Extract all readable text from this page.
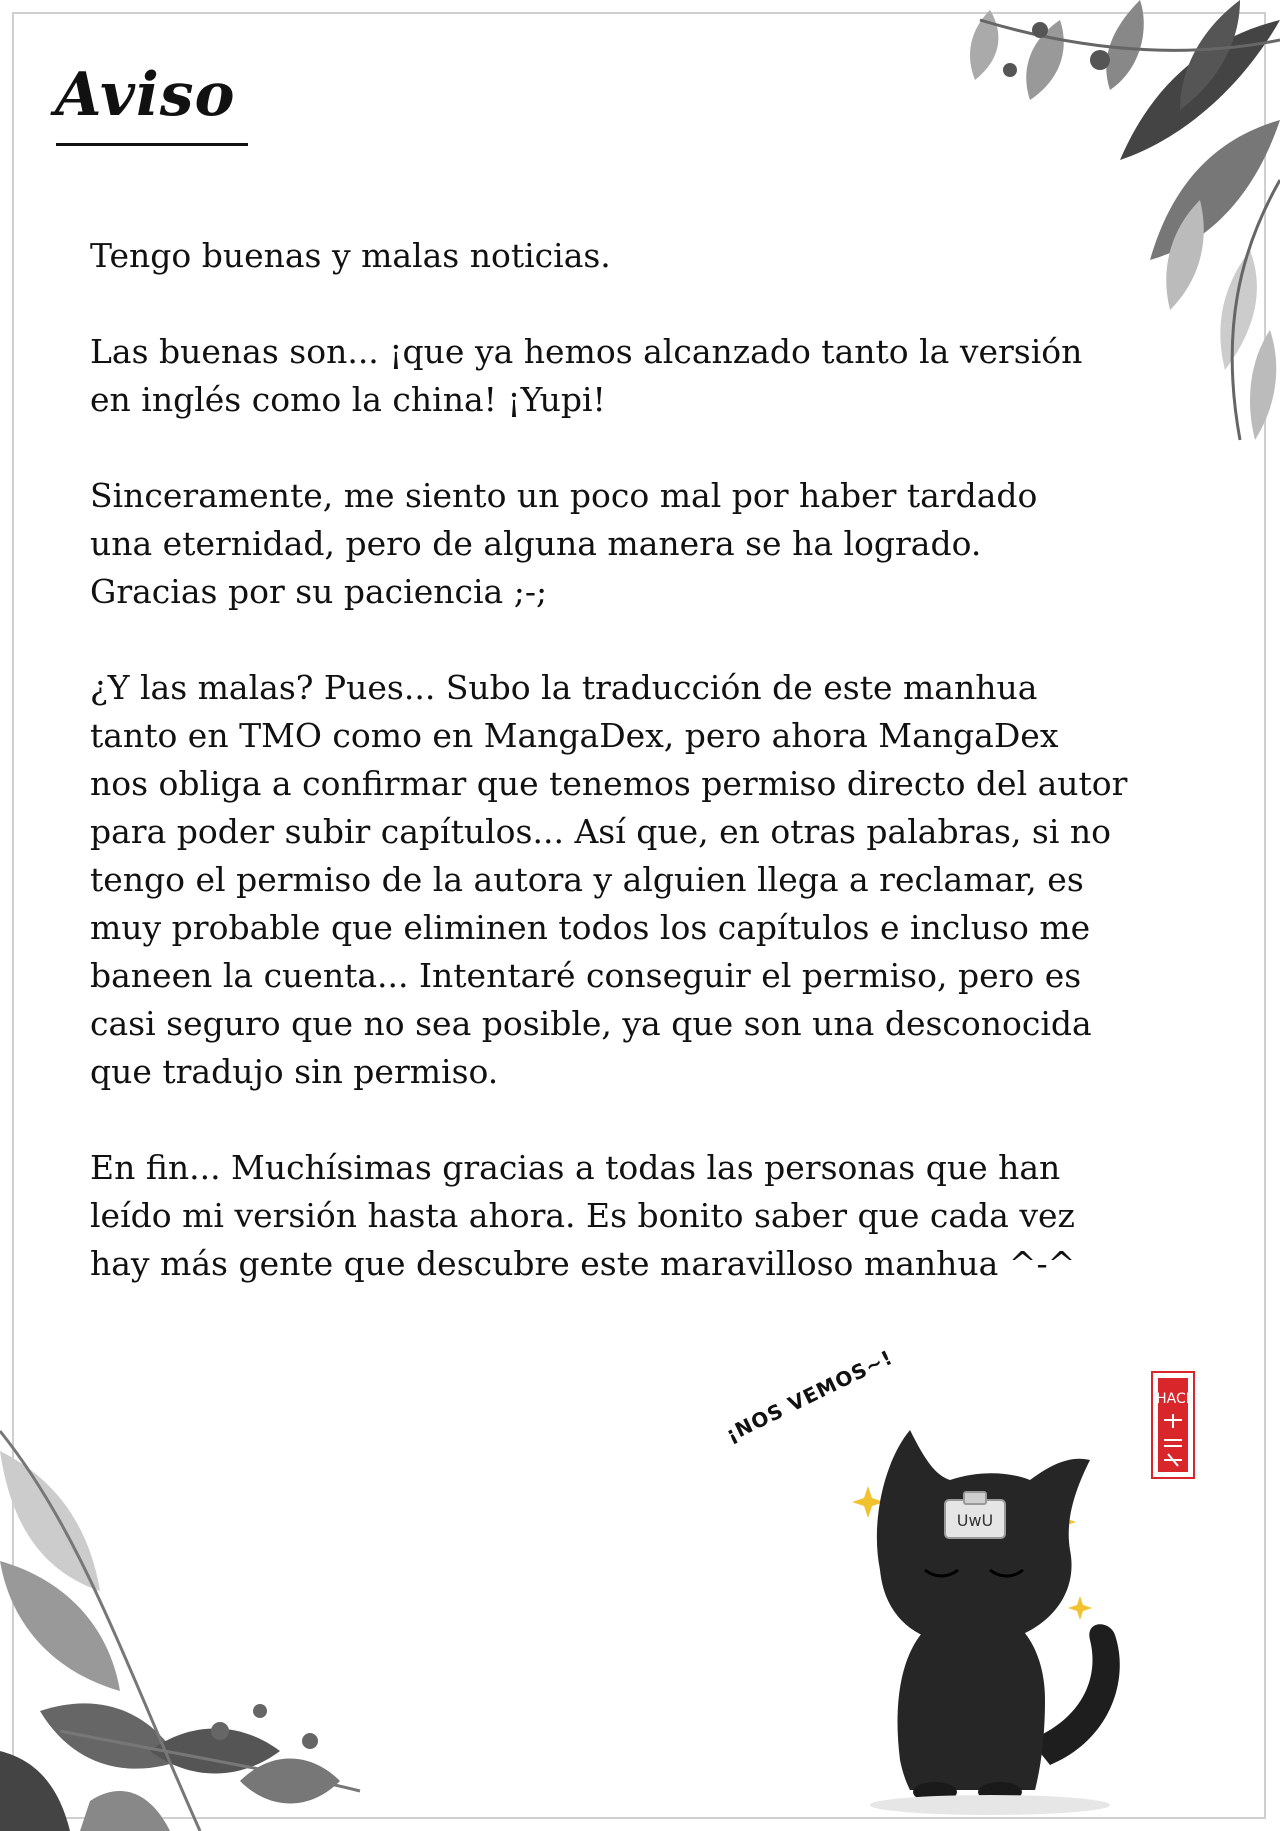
Aviso

Tengo buenas y malas noticias.

Las buenas son... ¡que ya hemos alcanzado tanto la versión
en inglés como la china! ¡Yupi!

Sinceramente, me siento un poco mal por haber tardado
una eternidad, pero de alguna manera se ha logrado.
Gracias por su paciencia ;-;

¿Y las malas? Pues... Subo la traducción de este manhua
tanto en TMO como en MangaDex, pero ahora MangaDex
nos obliga a confirmar que tenemos permiso directo del autor
para poder subir capítulos... Así que, en otras palabras, si no
tengo el permiso de la autora y alguien llega a reclamar, es
muy probable que eliminen todos los capítulos e incluso me
baneen la cuenta... Intentaré conseguir el permiso, pero es
casi seguro que no sea posible, ya que son una desconocida
que tradujo sin permiso.

En fin... Muchísimas gracias a todas las personas que han
leído mi versión hasta ahora. Es bonito saber que cada vez
hay más gente que descubre este maravilloso manhua ^-^

¡NOS VEMOS~!
UwU
HACI
